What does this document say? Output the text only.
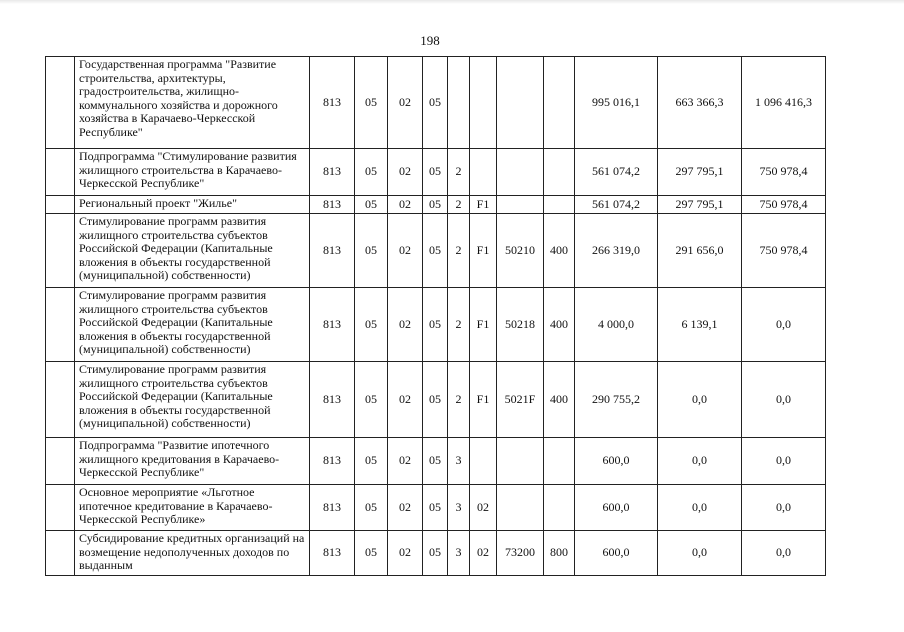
198
	Государственная программа "Развитие строительства, архитектуры, градостроительства, жилищно-коммунального хозяйства и дорожного хозяйства в Карачаево-Черкесской Республике"	813	05	02	05					995 016,1	663 366,3	1 096 416,3
	Подпрограмма "Стимулирование развития жилищного строительства в Карачаево-Черкесской Республике"	813	05	02	05	2				561 074,2	297 795,1	750 978,4
	Региональный проект "Жилье"	813	05	02	05	2	F1			561 074,2	297 795,1	750 978,4
	Стимулирование программ развития жилищного строительства субъектов Российской Федерации (Капитальные вложения в объекты государственной (муниципальной) собственности)	813	05	02	05	2	F1	50210	400	266 319,0	291 656,0	750 978,4
	Стимулирование программ развития жилищного строительства субъектов Российской Федерации (Капитальные вложения в объекты государственной (муниципальной) собственности)	813	05	02	05	2	F1	50218	400	4 000,0	6 139,1	0,0
	Стимулирование программ развития жилищного строительства субъектов Российской Федерации (Капитальные вложения в объекты государственной (муниципальной) собственности)	813	05	02	05	2	F1	5021F	400	290 755,2	0,0	0,0
	Подпрограмма "Развитие ипотечного жилищного кредитования в Карачаево-Черкесской Республике"	813	05	02	05	3				600,0	0,0	0,0
	Основное мероприятие «Льготное ипотечное кредитование в Карачаево-Черкесской Республике»	813	05	02	05	3	02			600,0	0,0	0,0
	Субсидирование кредитных организаций на возмещение недополученных доходов по выданным	813	05	02	05	3	02	73200	800	600,0	0,0	0,0
